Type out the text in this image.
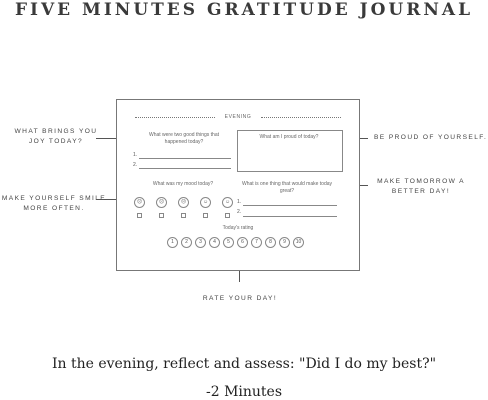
FIVE MINUTES GRATITUDE JOURNAL
WHAT BRINGS YOU
JOY TODAY?
MAKE YOURSELF SMILE
MORE OFTEN.
BE PROUD OF YOURSELF.
MAKE TOMORROW A
BETTER DAY!
RATE YOUR DAY!
EVENING
What were two good things that happened today?
1.
2.
What am I proud of today?
What was my mood today?
☹	☹	😐	☺	☺
What is one thing that would make today great?
1.
2.
Today's rating
1	2	3	4	5	6	7	8	9	10
In the evening, reflect and assess: "Did I do my best?"
-2 Minutes
